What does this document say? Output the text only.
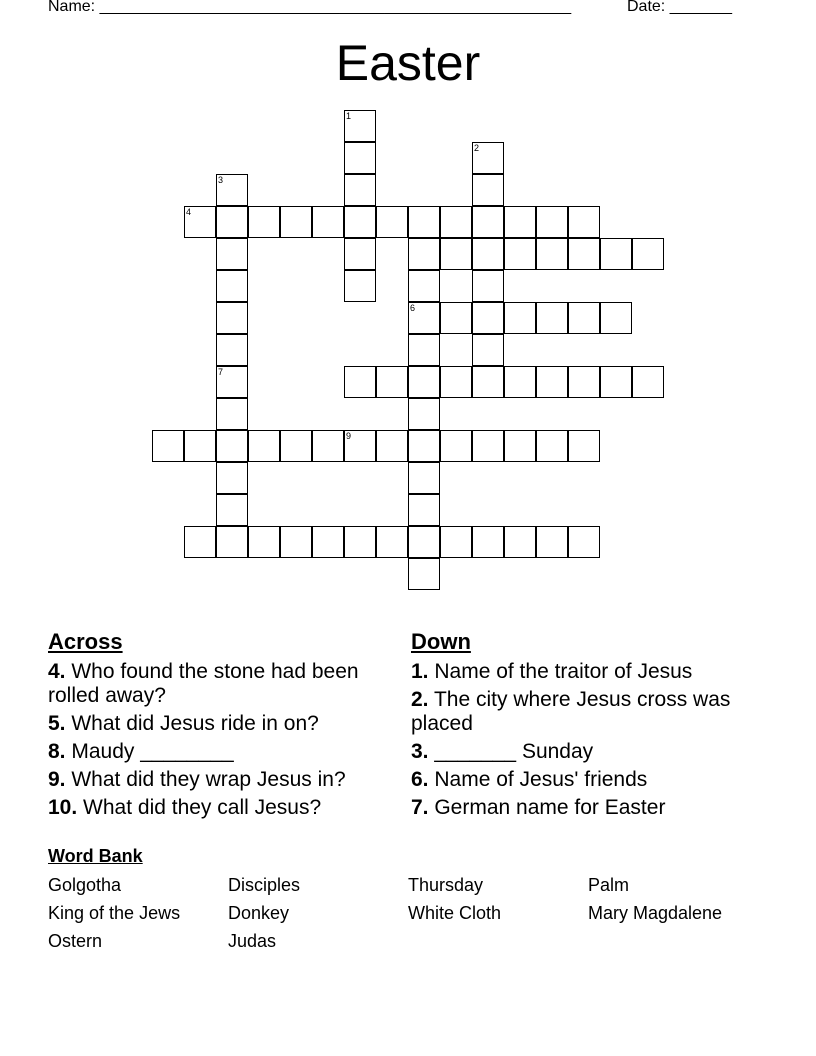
Name: _____________________________________________________	Date: _______
Easter
9
6
1
2
3
4
7
Across
4. Who found the stone had been rolled away?
5. What did Jesus ride in on?
8. Maudy ________
9. What did they wrap Jesus in?
10. What did they call Jesus?
Down
1. Name of the traitor of Jesus
2. The city where Jesus cross was placed
3. _______ Sunday
6. Name of Jesus' friends
7. German name for Easter
Word Bank
Golgotha	Disciples	Thursday	Palm
King of the Jews	Donkey	White Cloth	Mary Magdalene
Ostern	Judas
